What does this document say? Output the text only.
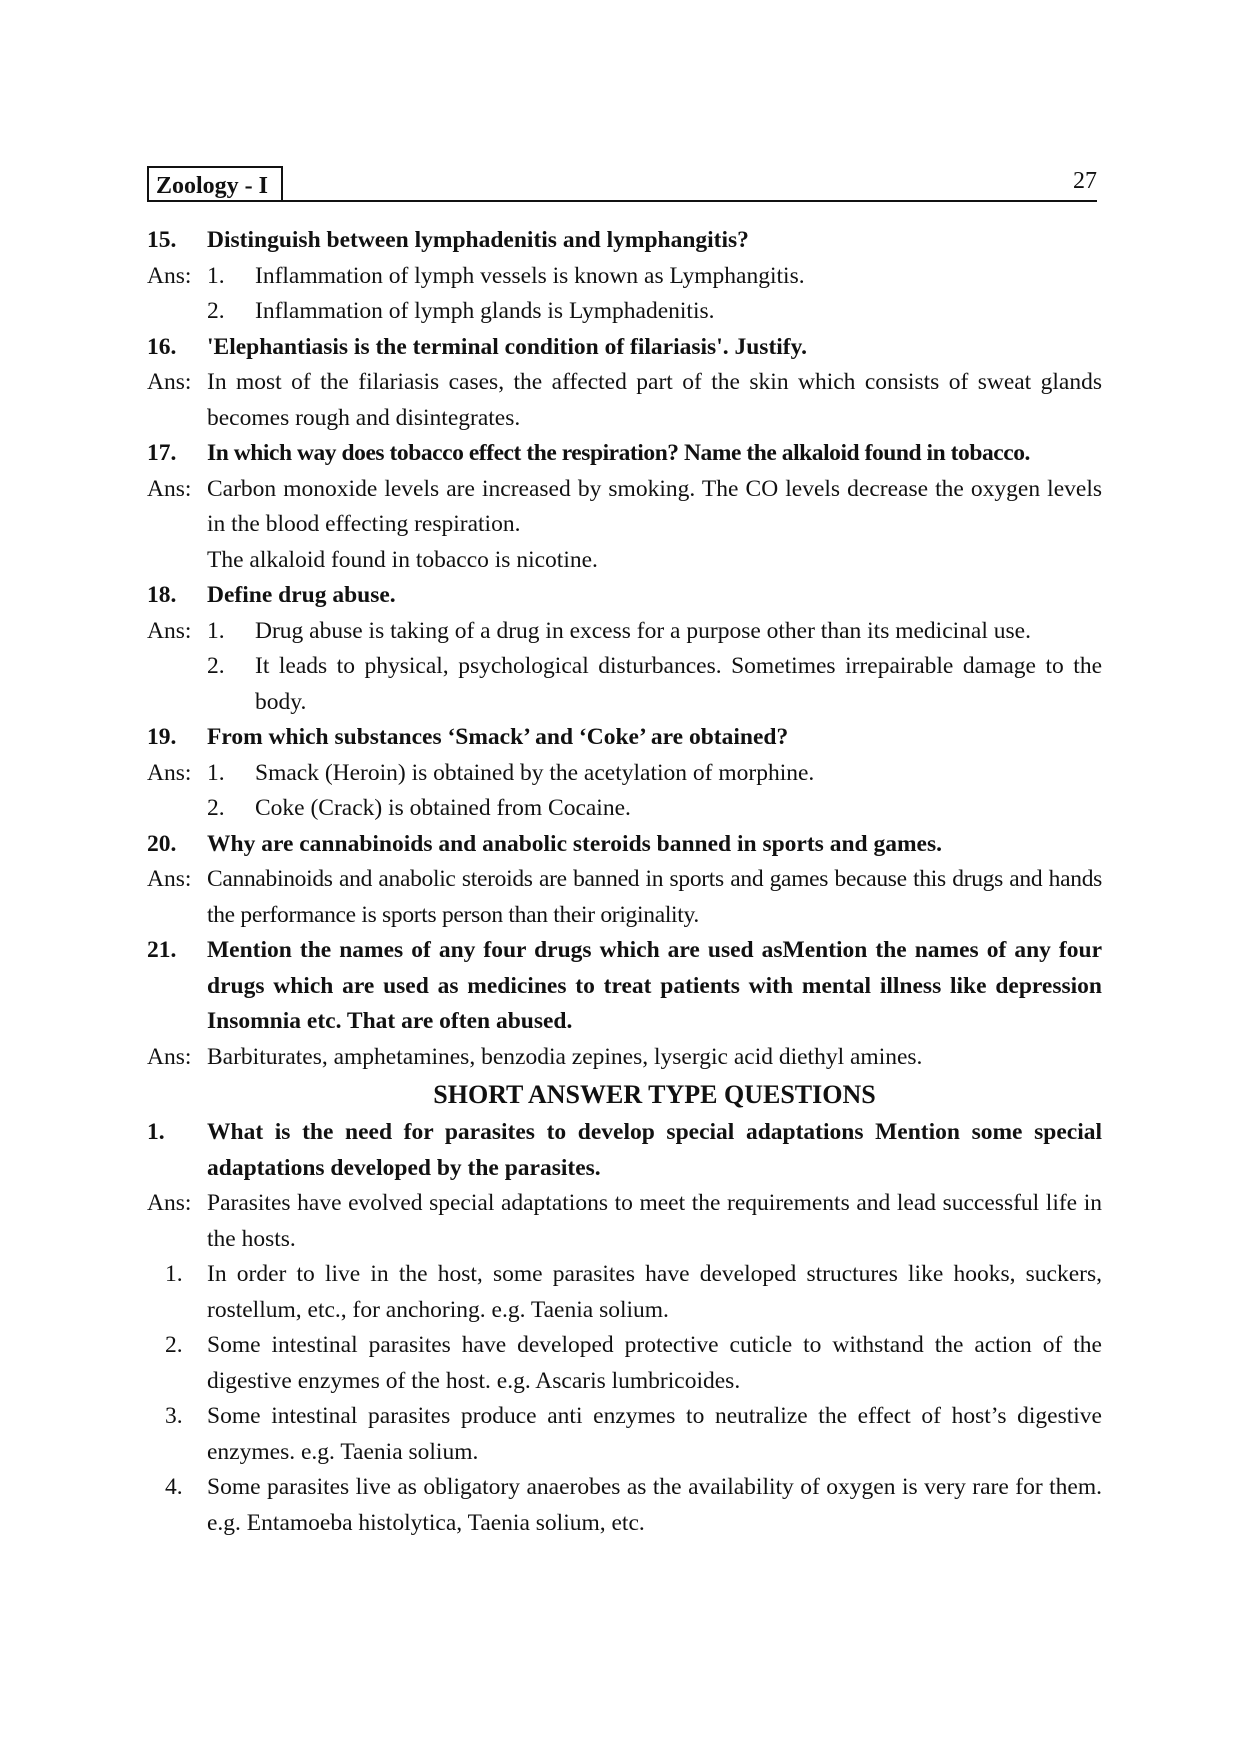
Zoology - I	27
15. Distinguish between lymphadenitis and lymphangitis?
Ans: 1. Inflammation of lymph vessels is known as Lymphangitis.
2. Inflammation of lymph glands is Lymphadenitis.
16. 'Elephantiasis is the terminal condition of filariasis'. Justify.
Ans: In most of the filariasis cases, the affected part of the skin which consists of sweat glands becomes rough and disintegrates.
17. In which way does tobacco effect the respiration? Name the alkaloid found in tobacco.
Ans: Carbon monoxide levels are increased by smoking. The CO levels decrease the oxygen levels in the blood effecting respiration.
The alkaloid found in tobacco is nicotine.
18. Define drug abuse.
Ans: 1. Drug abuse is taking of a drug in excess for a purpose other than its medicinal use.
2. It leads to physical, psychological disturbances. Sometimes irrepairable damage to the body.
19. From which substances ‘Smack’ and ‘Coke’ are obtained?
Ans: 1. Smack (Heroin) is obtained by the acetylation of morphine.
2. Coke (Crack) is obtained from Cocaine.
20. Why are cannabinoids and anabolic steroids banned in sports and games.
Ans: Cannabinoids and anabolic steroids are banned in sports and games because this drugs and hands the performance is sports person than their originality.
21. Mention the names of any four drugs which are used asMention the names of any four drugs which are used as medicines to treat patients with mental illness like depression Insomnia etc. That are often abused.
Ans: Barbiturates, amphetamines, benzodia zepines, lysergic acid diethyl amines.
SHORT ANSWER TYPE QUESTIONS
1. What is the need for parasites to develop special adaptations Mention some special adaptations developed by the parasites.
Ans: Parasites have evolved special adaptations to meet the requirements and lead successful life in the hosts.
1. In order to live in the host, some parasites have developed structures like hooks, suckers, rostellum, etc., for anchoring. e.g. Taenia solium.
2. Some intestinal parasites have developed protective cuticle to withstand the action of the digestive enzymes of the host. e.g. Ascaris lumbricoides.
3. Some intestinal parasites produce anti enzymes to neutralize the effect of host’s digestive enzymes. e.g. Taenia solium.
4. Some parasites live as obligatory anaerobes as the availability of oxygen is very rare for them. e.g. Entamoeba histolytica, Taenia solium, etc.
